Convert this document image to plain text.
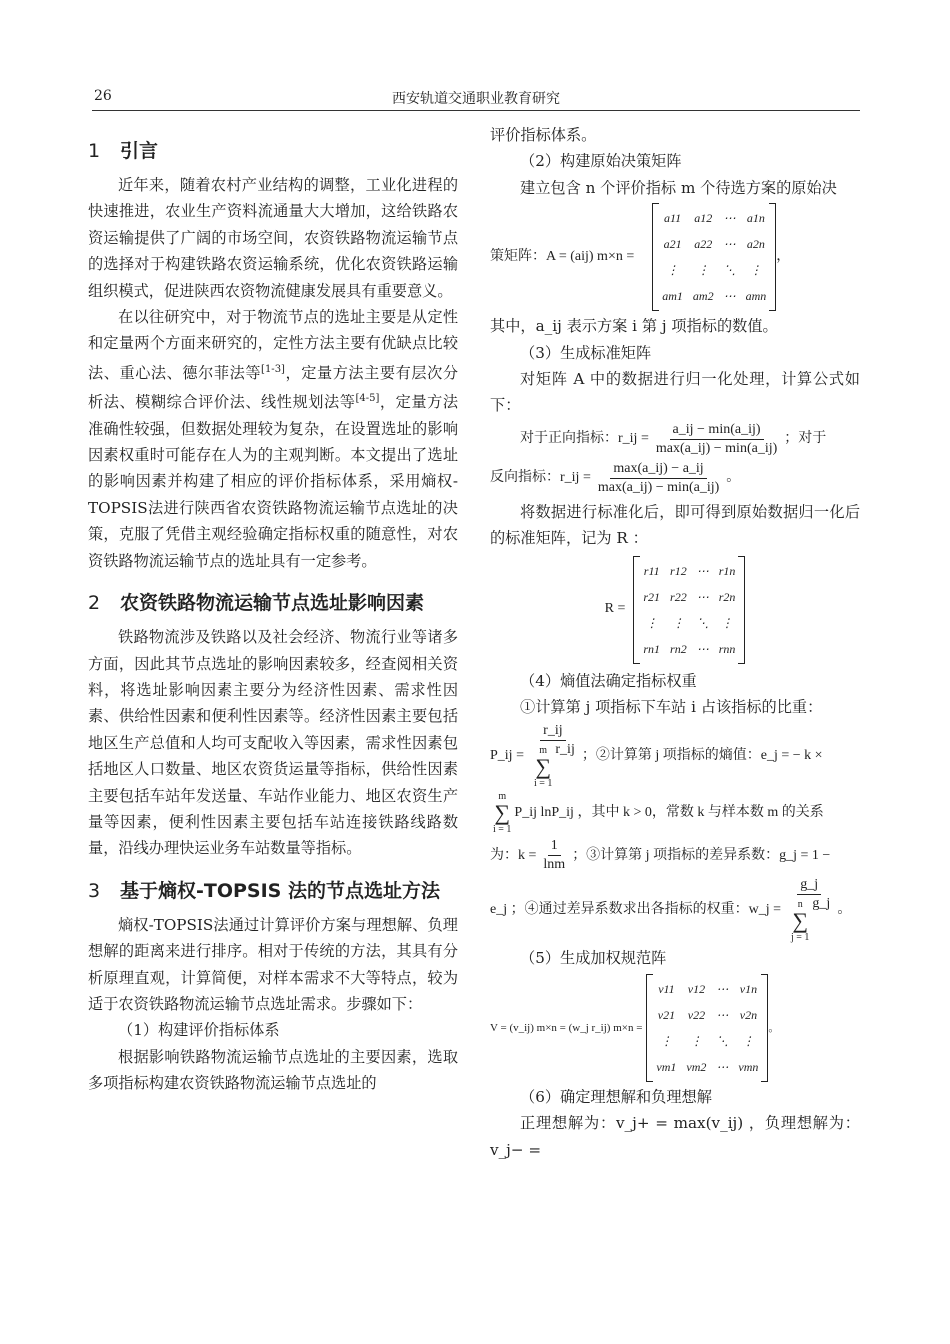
26	西安轨道交通职业教育研究
1 引言

近年来，随着农村产业结构的调整，工业化进程的快速推进，农业生产资料流通量大大增加，这给铁路农资运输提供了广阔的市场空间，农资铁路物流运输节点的选择对于构建铁路农资运输系统，优化农资铁路运输组织模式，促进陕西农资物流健康发展具有重要意义。

在以往研究中，对于物流节点的选址主要是从定性和定量两个方面来研究的，定性方法主要有优缺点比较法、重心法、德尔菲法等[1-3]，定量方法主要有层次分析法、模糊综合评价法、线性规划法等[4-5]，定量方法准确性较强，但数据处理较为复杂，在设置选址的影响因素权重时可能存在人为的主观判断。本文提出了选址的影响因素并构建了相应的评价指标体系，采用熵权-TOPSIS法进行陕西省农资铁路物流运输节点选址的决策，克服了凭借主观经验确定指标权重的随意性，对农资铁路物流运输节点的选址具有一定参考。

2 农资铁路物流运输节点选址影响因素

铁路物流涉及铁路以及社会经济、物流行业等诸多方面，因此其节点选址的影响因素较多，经查阅相关资料，将选址影响因素主要分为经济性因素、需求性因素、供给性因素和便利性因素等。经济性因素主要包括地区生产总值和人均可支配收入等因素，需求性因素包括地区人口数量、地区农资货运量等指标，供给性因素主要包括车站年发送量、车站作业能力、地区农资生产量等因素，便利性因素主要包括车站连接铁路线路数量，沿线办理快运业务车站数量等指标。

3 基于熵权-TOPSIS 法的节点选址方法

熵权-TOPSIS法通过计算评价方案与理想解、负理想解的距离来进行排序。相对于传统的方法，其具有分析原理直观，计算简便，对样本需求不大等特点，较为适于农资铁路物流运输节点选址需求。步骤如下：

（1）构建评价指标体系

根据影响铁路物流运输节点选址的主要因素，选取多项指标构建农资铁路物流运输节点选址的

评价指标体系。

（2）构建原始决策矩阵

建立包含 n 个评价指标 m 个待选方案的原始决

策矩阵：A = (a ij) m×n =
a11 a12 ⋯ a1n
a21 a22 ⋯ a2n
⋮	⋮	⋱	⋮
am1 am2 ⋯ amn
，

其中，a_ij 表示方案 i 第 j 项指标的数值。

（3）生成标准矩阵

对矩阵 A 中的数据进行归一化处理，计算公式如下：

对于正向指标：r_ij = $\frac{a\_ij - \min(a\_ij)}{\max(a\_ij) - \min(a\_ij)}$ ；对于
反向指标：r_ij = $\frac{\max(a\_ij) - a\_ij}{\max(a\_ij) - \min(a\_ij)}$ 。

将数据进行标准化后，即可得到原始数据归一化后的标准矩阵，记为 R ：

R =
r11 r12 ⋯ r1n
r21 r22 ⋯ r2n
⋮ ⋮ ⋱ ⋮
rn1 rn2 ⋯ rnn

（4）熵值法确定指标权重

①计算第 j 项指标下车站 i 占该指标的比重：

P_ij = r_ij
m
∑
i = 1
r_ij ；②计算第 j 项指标的熵值：e_j = − k ×
m
∑
i = 1
P_ij lnP_ij ，其中 k > 0，常数 k 与样本数 m 的关系
为：$k = \frac{1}{\ln m}$ ；③计算第 j 项指标的差异系数：g_j = 1 −
e_j ；④通过差异系数求出各指标的权重：w_j = g_j
n
∑
j = 1
g_j 。

（5）生成加权规范阵

V = (v_ij) m×n = (w_j r_ij) m×n =
v11 v12 ⋯ v1n
v21 v22 ⋯ v2n
⋮	⋮	⋱	⋮
vm1 vm2 ⋯ vmn
。

（6）确定理想解和负理想解

正理想解为：v_j+ = max(v_ij) ，负理想解为：v_j− =
